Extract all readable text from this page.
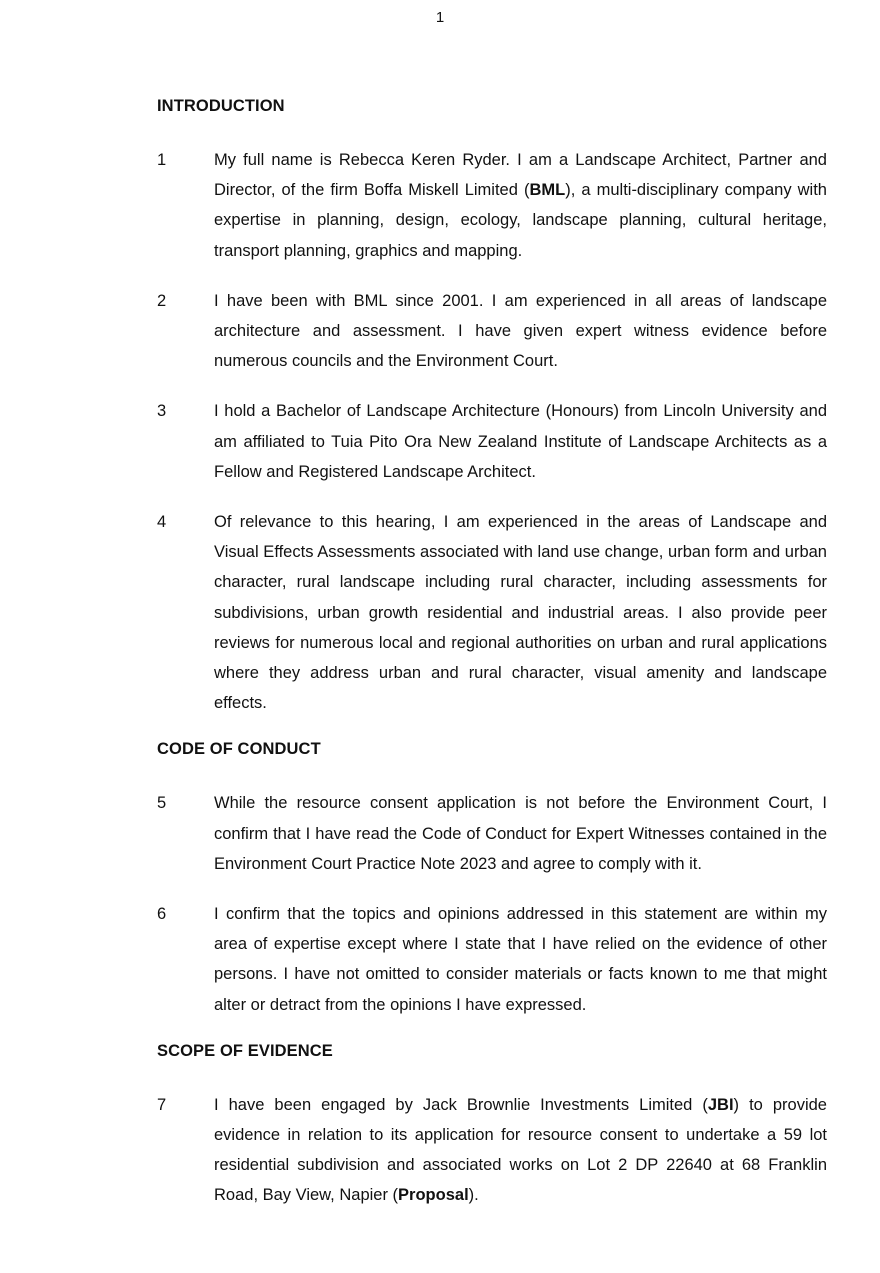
1
INTRODUCTION
1	My full name is Rebecca Keren Ryder. I am a Landscape Architect, Partner and Director, of the firm Boffa Miskell Limited (BML), a multi-disciplinary company with expertise in planning, design, ecology, landscape planning, cultural heritage, transport planning, graphics and mapping.
2	I have been with BML since 2001. I am experienced in all areas of landscape architecture and assessment. I have given expert witness evidence before numerous councils and the Environment Court.
3	I hold a Bachelor of Landscape Architecture (Honours) from Lincoln University and am affiliated to Tuia Pito Ora New Zealand Institute of Landscape Architects as a Fellow and Registered Landscape Architect.
4	Of relevance to this hearing, I am experienced in the areas of Landscape and Visual Effects Assessments associated with land use change, urban form and urban character, rural landscape including rural character, including assessments for subdivisions, urban growth residential and industrial areas. I also provide peer reviews for numerous local and regional authorities on urban and rural applications where they address urban and rural character, visual amenity and landscape effects.
CODE OF CONDUCT
5	While the resource consent application is not before the Environment Court, I confirm that I have read the Code of Conduct for Expert Witnesses contained in the Environment Court Practice Note 2023 and agree to comply with it.
6	I confirm that the topics and opinions addressed in this statement are within my area of expertise except where I state that I have relied on the evidence of other persons. I have not omitted to consider materials or facts known to me that might alter or detract from the opinions I have expressed.
SCOPE OF EVIDENCE
7	I have been engaged by Jack Brownlie Investments Limited (JBI) to provide evidence in relation to its application for resource consent to undertake a 59 lot residential subdivision and associated works on Lot 2 DP 22640 at 68 Franklin Road, Bay View, Napier (Proposal).
